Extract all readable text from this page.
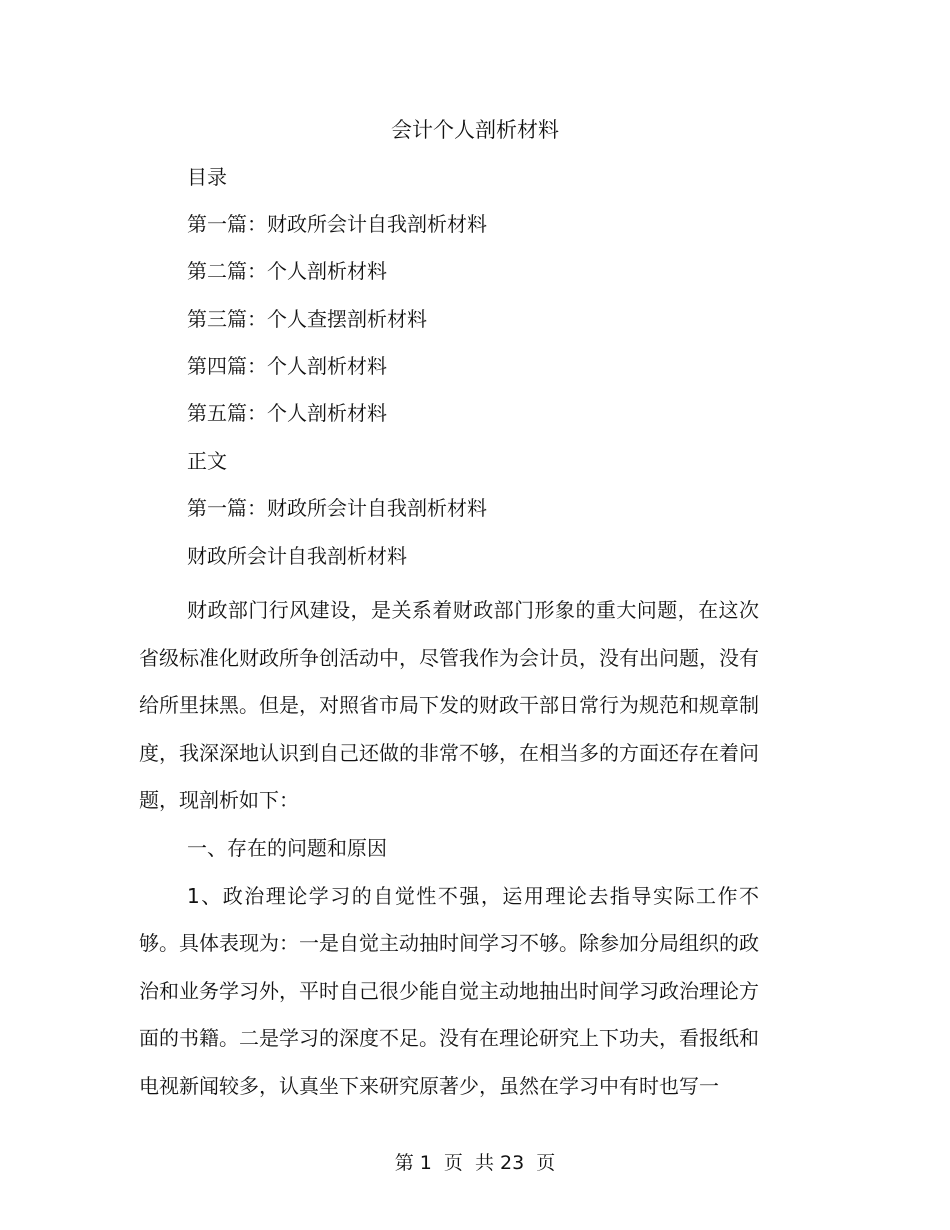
会计个人剖析材料
目录
第一篇：财政所会计自我剖析材料
第二篇：个人剖析材料
第三篇：个人查摆剖析材料
第四篇：个人剖析材料
第五篇：个人剖析材料
正文
第一篇：财政所会计自我剖析材料
财政所会计自我剖析材料

财政部门行风建设，是关系着财政部门形象的重大问题，在这次省级标准化财政所争创活动中，尽管我作为会计员，没有出问题，没有给所里抹黑。但是，对照省市局下发的财政干部日常行为规范和规章制度，我深深地认识到自己还做的非常不够，在相当多的方面还存在着问题，现剖析如下：

一、存在的问题和原因

1、政治理论学习的自觉性不强，运用理论去指导实际工作不够。具体表现为：一是自觉主动抽时间学习不够。除参加分局组织的政治和业务学习外，平时自己很少能自觉主动地抽出时间学习政治理论方面的书籍。二是学习的深度不足。没有在理论研究上下功夫，看报纸和电视新闻较多，认真坐下来研究原著少，虽然在学习中有时也写一

第 1  页  共 23  页
